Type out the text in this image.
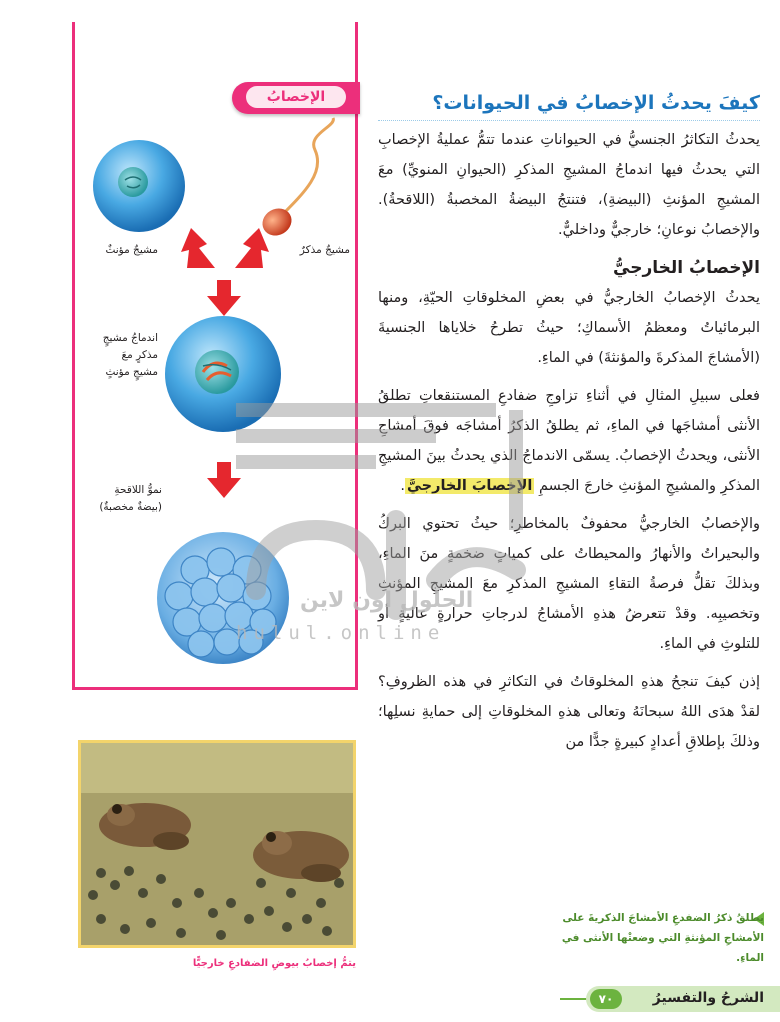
الإخصابُ
مشيجٌ مؤنثٌ	مشيجٌ مذكرٌ
اندماجُ مشيجٍ
مذكرٍ معَ
مشيجٍ مؤنثٍ
نموُّ اللاقحةِ
(بيضةٌ مخصبةٌ)
يتمُّ إخصابُ بيوضِ الضفادعِ خارجيًّا
كيفَ يحدثُ الإخصابُ في الحيوانات؟

يحدثُ التكاثرُ الجنسيُّ في الحيواناتِ عندما تتمُّ عمليةُ الإخصابِ التي يحدثُ فيها اندماجُ المشيجِ المذكرِ (الحيوانِ المنويِّ) معَ المشيجِ المؤنثِ (البيضةِ)، فتنتجُ البيضةُ المخصبةُ (اللاقحةُ). والإخصابُ نوعانِ؛ خارجيٌّ وداخليٌّ.

الإخصابُ الخارجيُّ

يحدثُ الإخصابُ الخارجيُّ في بعضِ المخلوقاتِ الحيّةِ، ومنها البرمائياتُ ومعظمُ الأسماكِ؛ حيثُ تطرحُ خلاياها الجنسيةَ (الأمشاجَ المذكرةَ والمؤنثةَ) في الماءِ.

فعلى سبيلِ المثالِ في أثناءِ تزاوجِ ضفادعِ المستنقعاتِ تطلقُ الأنثى أمشاجَها في الماءِ، ثم يطلقُ الذكرُ أمشاجَه فوقَ أمشاجِ الأنثى، ويحدثُ الإخصابُ. يسمّى الاندماجُ الذي يحدثُ بينَ المشيجِ المذكرِ والمشيجِ المؤنثِ خارجَ الجسمِ الإخصابَ الخارجيَّ.

والإخصابُ الخارجيُّ محفوفٌ بالمخاطرِ؛ حيثُ تحتوي البركُ والبحيراتُ والأنهارُ والمحيطاتُ على كمياتٍ ضخمةٍ منَ الماءِ، وبذلكَ تقلُّ فرصةُ التقاءِ المشيجِ المذكرِ معَ المشيجِ المؤنثِ وتخصيبِه. وقدْ تتعرضُ هذهِ الأمشاجُ لدرجاتِ حرارةٍ عاليةٍ أو للتلوثِ في الماءِ.

إذن كيفَ تنجحُ هذهِ المخلوقاتُ في التكاثرِ في هذه الظروفِ؟ لقدْ هدَى اللهُ سبحانَهُ وتعالى هذهِ المخلوقاتِ إلى حمايةِ نسلِها؛ وذلكَ بإطلاقِ أعدادٍ كبيرةٍ جدًّا من

يطلقُ ذكرُ الضفدعِ الأمشاجَ الذكريةَ على الأمشاجِ المؤنثةِ التي وضعتْها الأنثى في الماءِ.
الحلول اون لاين
hulul.online
الشرحُ والتفسيرُ
٧٠
